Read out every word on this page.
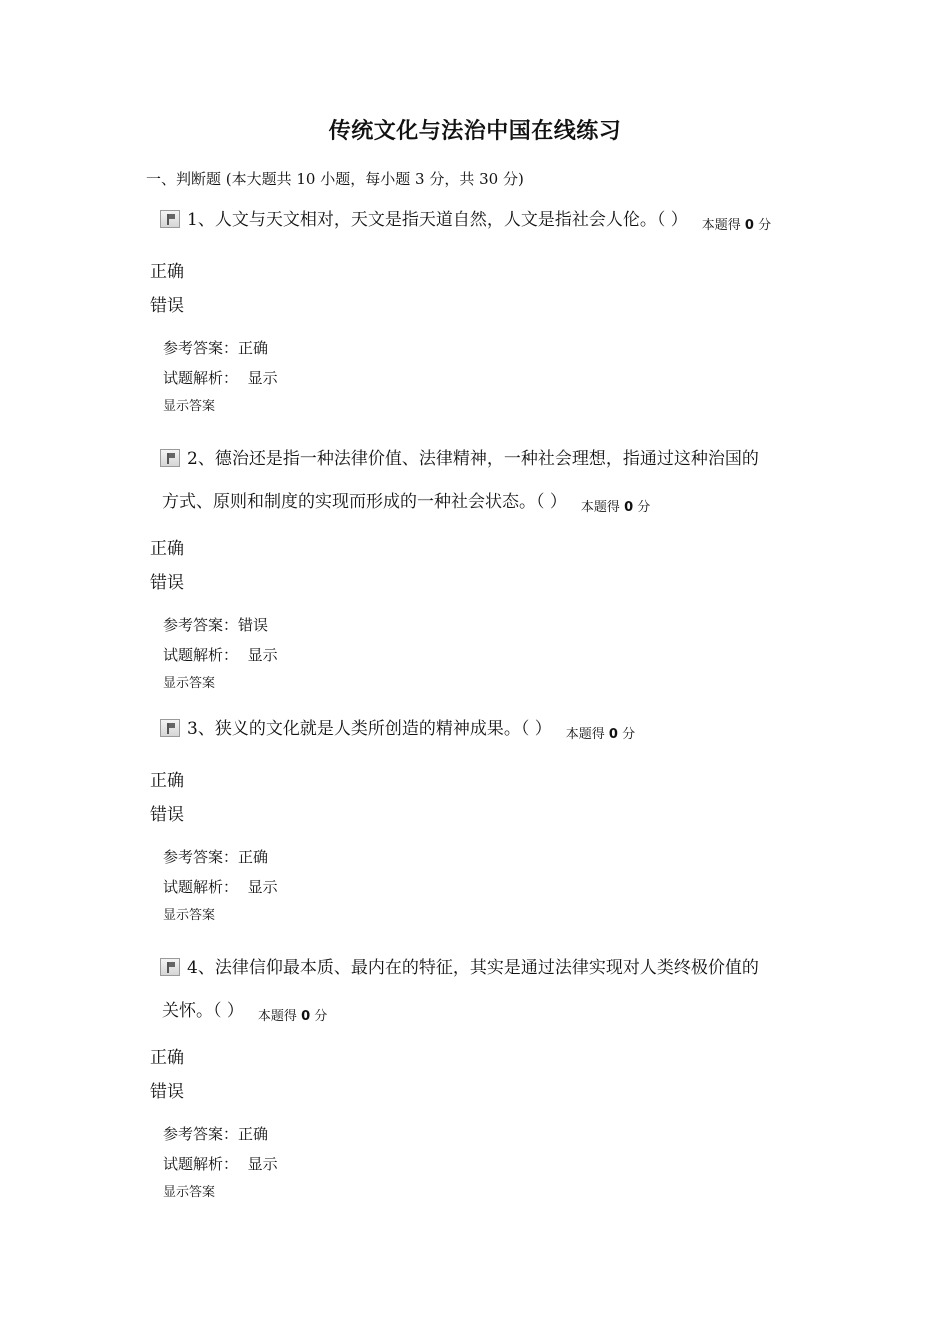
传统文化与法治中国在线练习
一、判断题 (本大题共 10 小题，每小题 3 分，共 30 分)
1、人文与天文相对，天文是指天道自然，人文是指社会人伦。（ ） $_{本题得 0 分}$
正确
错误
参考答案：正确
试题解析： 显示
显示答案
2、德治还是指一种法律价值、法律精神，一种社会理想，指通过这种治国的
方式、原则和制度的实现而形成的一种社会状态。（ ） $_{本题得 0 分}$
正确
错误
参考答案：错误
试题解析： 显示
显示答案
3、狭义的文化就是人类所创造的精神成果。（ ） $_{本题得 0 分}$
正确
错误
参考答案：正确
试题解析： 显示
显示答案
4、法律信仰最本质、最内在的特征，其实是通过法律实现对人类终极价值的
关怀。（ ） $_{本题得 0 分}$
正确
错误
参考答案：正确
试题解析： 显示
显示答案
